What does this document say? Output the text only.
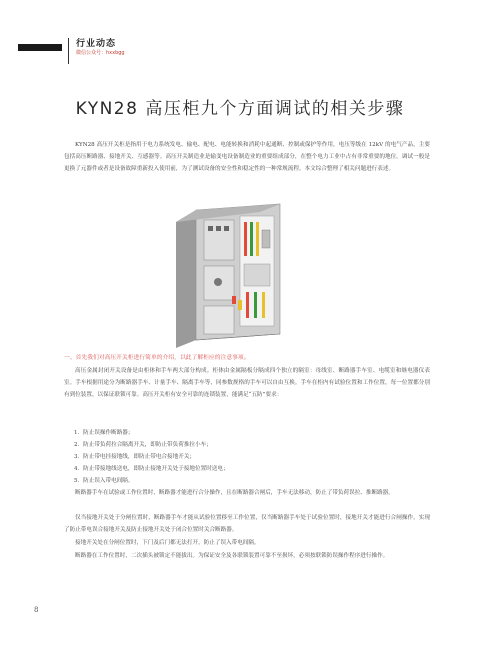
行业动态
微信公众号：hxxbgg
KYN28 高压柜九个方面调试的相关步骤
KYN28 高压开关柜是指用于电力系统发电、输电、配电、电能转换和消耗中起通断、控制或保护等作用，电压等级在 12kV 的电气产品，主要包括高压断路器、接地开关、互感器等。高压开关制造业是输变电设备制造业的重要组成部分，在整个电力工业中占有非常重要的地位。调试一般是更换了元器件或者是设备故障重新投入使用前，为了测试设备的安全性和稳定性的一种常规流程。本文综合整理了相关问题进行表述。
一、首先我们对高压开关柜进行简单的介绍，以此了解柜应的注意事项。
高压金属封闭开关设备是由柜体和手车两大部分构成。柜体由金属隔板分隔成四个独立的隔室：母线室、断路器手车室、电缆室和继电器仪表室。手车根据用途分为断路器手车、计量手车、隔离手车等，同参数规格的手车可以自由互换。手车在柜内有试验位置和工作位置，每一位置都分别有到位装置，以保证联锁可靠。高压开关柜有安全可靠的连锁装置，能满足“五防”要求：
1．防止误操作断路器；
2．防止带负荷拉合隔离开关，即防止带负荷推拉小车；
3．防止带电挂接地线，即防止带电合接地开关；
4．防止带接地线送电，即防止接地开关处于接地位置时送电；
5．防止误入带电间隔。
断路器手车在试验或工作位置时，断路器才能进行合分操作，且在断路器合闸后，手车无法移动，防止了带负荷误拉、推断路器。
仅当接地开关处于分闸位置时，断路器手车才能从试验位置移至工作位置，仅当断路器手车处于试验位置时，接地开关才能进行合闸操作，实现了防止带电误合接地开关及防止接地开关处于闭合位置时关合断路器。
接地开关处在分闸位置时，下门及后门都无法打开，防止了误入带电间隔。
断路器在工作位置时，二次插头被锁定不能拔出。为保证安全及各联锁装置可靠不至损坏，必须按联锁防误操作程序进行操作。
8
